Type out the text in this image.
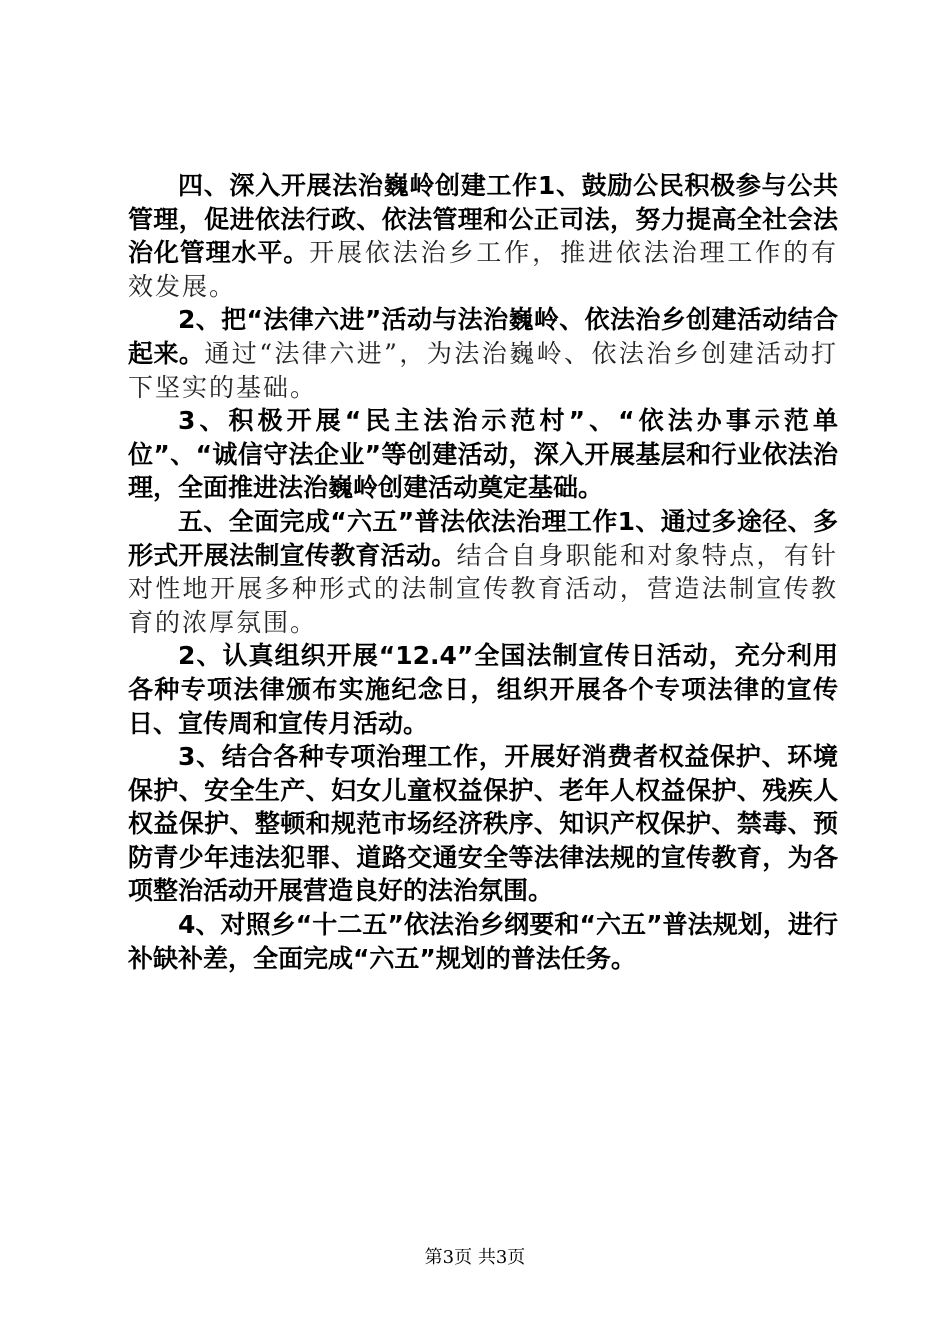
四、深入开展法治巍岭创建工作1、鼓励公民积极参与公共管理，促进依法行政、依法管理和公正司法，努力提高全社会法治化管理水平。开展依法治乡工作，推进依法治理工作的有效发展。

2、把“法律六进”活动与法治巍岭、依法治乡创建活动结合起来。通过“法律六进”，为法治巍岭、依法治乡创建活动打下坚实的基础。

3、积极开展“民主法治示范村”、“依法办事示范单位”、“诚信守法企业”等创建活动，深入开展基层和行业依法治理，全面推进法治巍岭创建活动奠定基础。

五、全面完成“六五”普法依法治理工作1、通过多途径、多形式开展法制宣传教育活动。结合自身职能和对象特点，有针对性地开展多种形式的法制宣传教育活动，营造法制宣传教育的浓厚氛围。

2、认真组织开展“12.4”全国法制宣传日活动，充分利用各种专项法律颁布实施纪念日，组织开展各个专项法律的宣传日、宣传周和宣传月活动。

3、结合各种专项治理工作，开展好消费者权益保护、环境保护、安全生产、妇女儿童权益保护、老年人权益保护、残疾人权益保护、整顿和规范市场经济秩序、知识产权保护、禁毒、预防青少年违法犯罪、道路交通安全等法律法规的宣传教育，为各项整治活动开展营造良好的法治氛围。

4、对照乡“十二五”依法治乡纲要和“六五”普法规划，进行补缺补差，全面完成“六五”规划的普法任务。

第3页 共3页
